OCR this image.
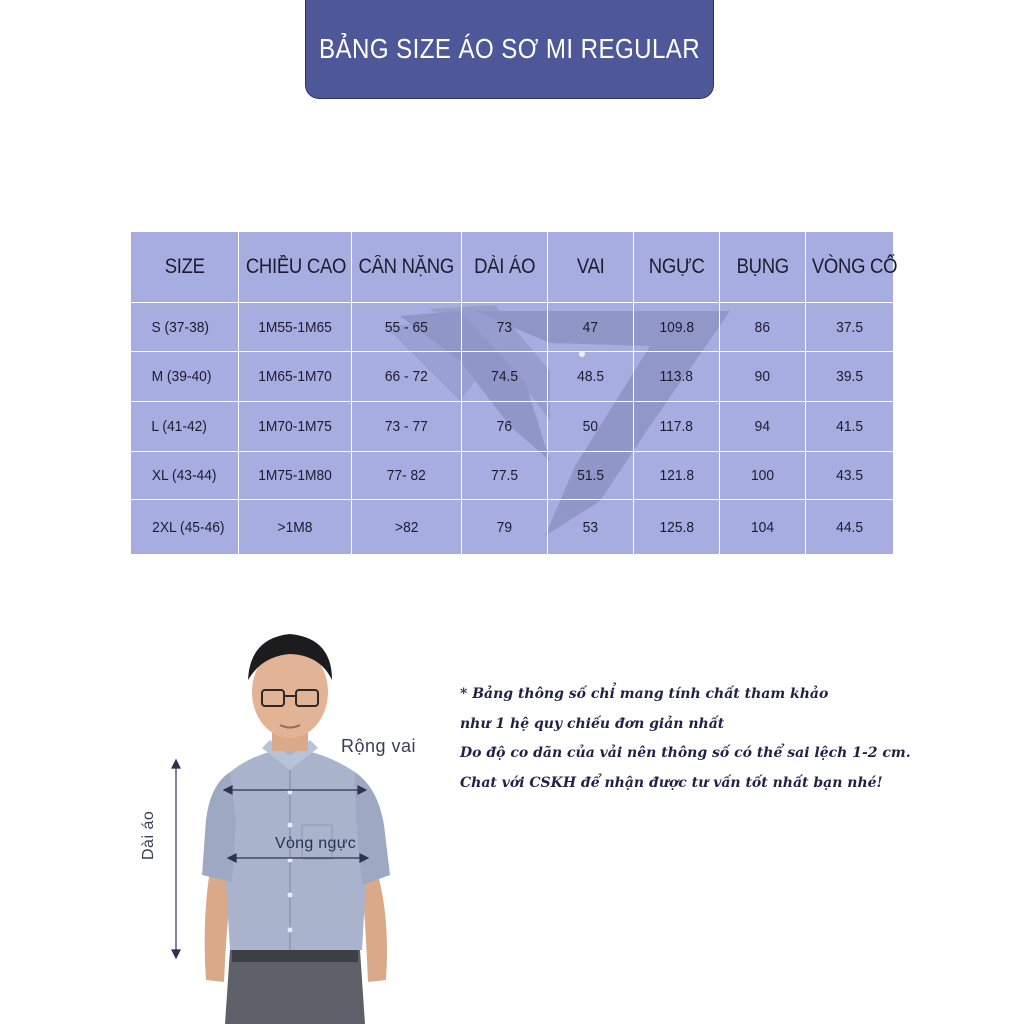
BẢNG SIZE ÁO SƠ MI REGULAR
SIZE	CHIỀU CAO	CÂN NẶNG	DÀI ÁO	VAI	NGỰC	BỤNG	VÒNG CỔ
S (37-38)	1M55-1M65	55 - 65	73	47	109.8	86	37.5
M (39-40)	1M65-1M70	66 - 72	74.5	48.5	113.8	90	39.5
L (41-42)	1M70-1M75	73 - 77	76	50	117.8	94	41.5
XL (43-44)	1M75-1M80	77- 82	77.5	51.5	121.8	100	43.5
2XL (45-46)	>1M8	>82	79	53	125.8	104	44.5
Rộng vai
Vòng ngực
Dài áo
* Bảng thông số chỉ mang tính chất tham khảo
như 1 hệ quy chiếu đơn giản nhất
Do độ co dãn của vải nên thông số có thể sai lệch 1-2 cm.
Chat với CSKH để nhận được tư vấn tốt nhất bạn nhé!
